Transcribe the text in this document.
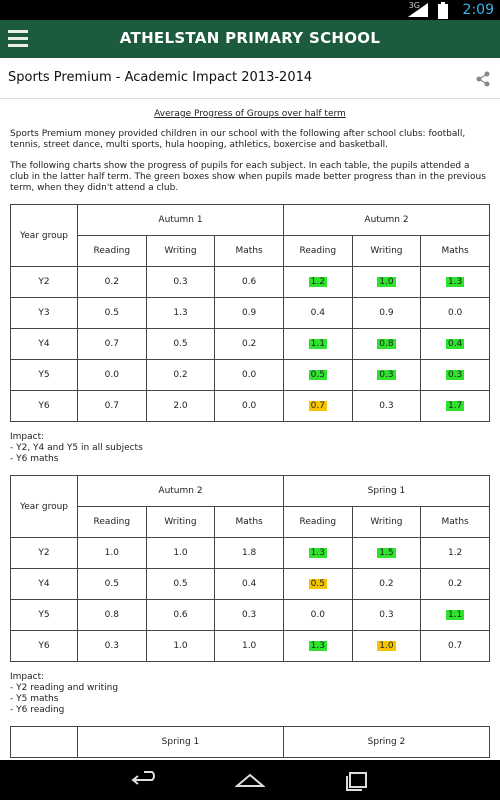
3G	2:09
ATHELSTAN PRIMARY SCHOOL
Sports Premium - Academic Impact 2013-2014
Average Progress of Groups over half term

Sports Premium money provided children in our school with the following after school clubs: football, tennis, street dance, multi sports, hula hooping, athletics, boxercise and basketball.

The following charts show the progress of pupils for each subject. In each table, the pupils attended a club in the latter half term. The green boxes show when pupils made better progress than in the previous term, when they didn't attend a club.

Year group	Autumn 1			Autumn 2		
	Reading	Writing	Maths	Reading	Writing	Maths
Y2	0.2	0.3	0.6	1.2	1.0	1.3
Y3	0.5	1.3	0.9	0.4	0.9	0.0
Y4	0.7	0.5	0.2	1.1	0.8	0.4
Y5	0.0	0.2	0.0	0.5	0.3	0.3
Y6	0.7	2.0	0.0	0.7	0.3	1.7
Impact:
- Y2, Y4 and Y5 in all subjects
- Y6 maths
Year group	Autumn 2			Spring 1		
	Reading	Writing	Maths	Reading	Writing	Maths
Y2	1.0	1.0	1.8	1.3	1.5	1.2
Y4	0.5	0.5	0.4	0.5	0.2	0.2
Y5	0.8	0.6	0.3	0.0	0.3	1.1
Y6	0.3	1.0	1.0	1.3	1.0	0.7
Impact:
- Y2 reading and writing
- Y5 maths
- Y6 reading
	Spring 1	Spring 2
